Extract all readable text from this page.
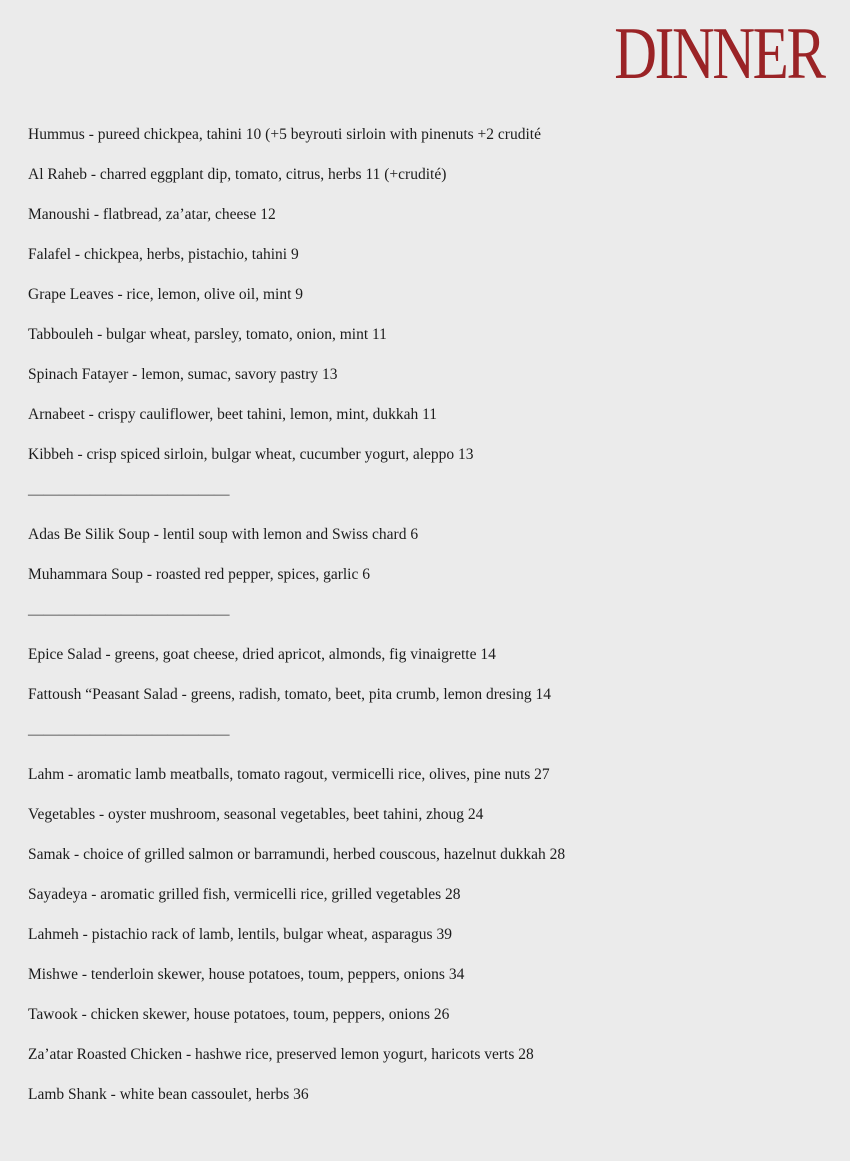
DINNER
Hummus - pureed chickpea, tahini 10 (+5 beyrouti sirloin with pinenuts +2 crudité
Al Raheb - charred eggplant dip, tomato, citrus, herbs 11 (+crudité)
Manoushi - flatbread, za’atar, cheese 12
Falafel - chickpea, herbs, pistachio, tahini 9
Grape Leaves - rice, lemon, olive oil, mint 9
Tabbouleh - bulgar wheat, parsley, tomato, onion, mint 11
Spinach Fatayer - lemon, sumac, savory pastry 13
Arnabeet - crispy cauliflower, beet tahini, lemon, mint, dukkah 11
Kibbeh - crisp spiced sirloin, bulgar wheat, cucumber yogurt, aleppo 13
—————————————
Adas Be Silik Soup - lentil soup with lemon and Swiss chard 6
Muhammara Soup - roasted red pepper, spices, garlic 6
—————————————
Epice Salad - greens, goat cheese, dried apricot, almonds, fig vinaigrette 14
Fattoush “Peasant Salad - greens, radish, tomato, beet, pita crumb, lemon dresing 14
—————————————
Lahm - aromatic lamb meatballs, tomato ragout, vermicelli rice, olives, pine nuts 27
Vegetables - oyster mushroom, seasonal vegetables, beet tahini, zhoug 24
Samak - choice of grilled salmon or barramundi, herbed couscous, hazelnut dukkah 28
Sayadeya - aromatic grilled fish, vermicelli rice, grilled vegetables 28
Lahmeh - pistachio rack of lamb, lentils, bulgar wheat, asparagus 39
Mishwe - tenderloin skewer, house potatoes, toum, peppers, onions 34
Tawook - chicken skewer, house potatoes, toum, peppers, onions 26
Za’atar Roasted Chicken - hashwe rice, preserved lemon yogurt, haricots verts 28
Lamb Shank - white bean cassoulet, herbs 36
